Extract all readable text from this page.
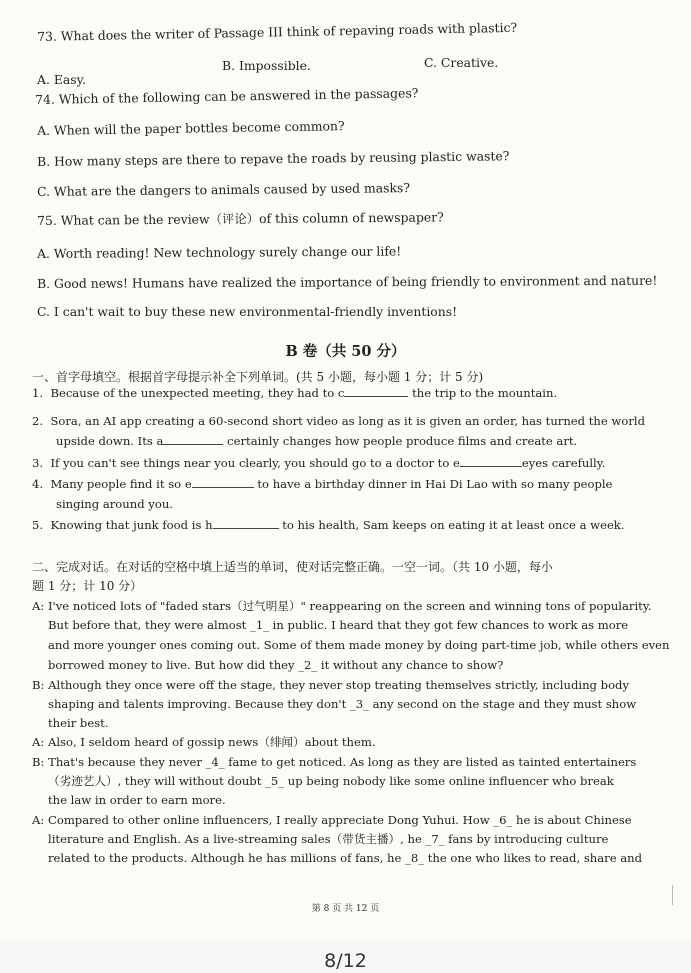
73. What does the writer of Passage III think of repaving roads with plastic?
A. Easy.
B. Impossible.	C. Creative.
74. Which of the following can be answered in the passages?
A. When will the paper bottles become common?
B. How many steps are there to repave the roads by reusing plastic waste?
C. What are the dangers to animals caused by used masks?
75. What can be the review（评论）of this column of newspaper?
A. Worth reading! New technology surely change our life!
B. Good news! Humans have realized the importance of being friendly to environment and nature!
C. I can't wait to buy these new environmental-friendly inventions!
B 卷（共 50 分）
一、首字母填空。根据首字母提示补全下列单词。(共 5 小题，每小题 1 分；计 5 分)
1. Because of the unexpected meeting, they had to c	the trip to the mountain.
2. Sora, an AI app creating a 60-second short video as long as it is given an order, has turned the world
upside down. Its a	certainly changes how people produce films and create art.
3. If you can't see things near you clearly, you should go to a doctor to e	eyes carefully.
4. Many people find it so e	to have a birthday dinner in Hai Di Lao with so many people
singing around you.
5. Knowing that junk food is h	to his health, Sam keeps on eating it at least once a week.
二、完成对话。在对话的空格中填上适当的单词，使对话完整正确。一空一词。（共 10 小题，每小
题 1 分；计 10 分）
A: I've noticed lots of "faded stars（过气明星）" reappearing on the screen and winning tons of popularity.
But before that, they were almost _1_ in public. I heard that they got few chances to work as more
and more younger ones coming out. Some of them made money by doing part-time job, while others even
borrowed money to live. But how did they _2_ it without any chance to show?
B: Although they once were off the stage, they never stop treating themselves strictly, including body
shaping and talents improving. Because they don't _3_ any second on the stage and they must show
their best.
A: Also, I seldom heard of gossip news（绯闻）about them.
B: That's because they never _4_ fame to get noticed. As long as they are listed as tainted entertainers
（劣迹艺人）, they will without doubt _5_ up being nobody like some online influencer who break
the law in order to earn more.
A: Compared to other online influencers, I really appreciate Dong Yuhui. How _6_ he is about Chinese
literature and English. As a live-streaming sales（带货主播）, he _7_ fans by introducing culture
related to the products. Although he has millions of fans, he _8_ the one who likes to read, share and
第 8 页 共 12 页
8/12
